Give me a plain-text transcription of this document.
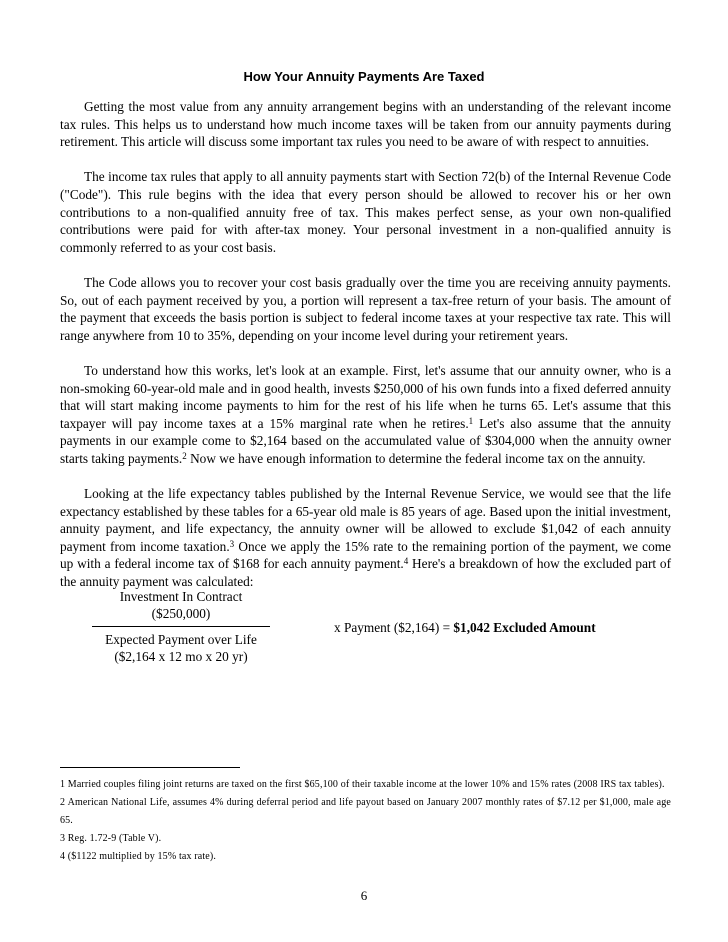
How Your Annuity Payments Are Taxed

Getting the most value from any annuity arrangement begins with an understanding of the relevant income tax rules. This helps us to understand how much income taxes will be taken from our annuity payments during retirement. This article will discuss some important tax rules you need to be aware of with respect to annuities.

The income tax rules that apply to all annuity payments start with Section 72(b) of the Internal Revenue Code ("Code"). This rule begins with the idea that every person should be allowed to recover his or her own contributions to a non-qualified annuity free of tax. This makes perfect sense, as your own non-qualified contributions were paid for with after-tax money. Your personal investment in a non-qualified annuity is commonly referred to as your cost basis.

The Code allows you to recover your cost basis gradually over the time you are receiving annuity payments. So, out of each payment received by you, a portion will represent a tax-free return of your basis. The amount of the payment that exceeds the basis portion is subject to federal income taxes at your respective tax rate. This will range anywhere from 10 to 35%, depending on your income level during your retirement years.

To understand how this works, let's look at an example. First, let's assume that our annuity owner, who is a non-smoking 60-year-old male and in good health, invests $250,000 of his own funds into a fixed deferred annuity that will start making income payments to him for the rest of his life when he turns 65. Let's assume that this taxpayer will pay income taxes at a 15% marginal rate when he retires.$^1$ Let's also assume that the annuity payments in our example come to $2,164 based on the accumulated value of $304,000 when the annuity owner starts taking payments.$^2$ Now we have enough information to determine the federal income tax on the annuity.

Looking at the life expectancy tables published by the Internal Revenue Service, we would see that the life expectancy established by these tables for a 65-year old male is 85 years of age. Based upon the initial investment, annuity payment, and life expectancy, the annuity owner will be allowed to exclude $1,042 of each annuity payment from income taxation.$^3$ Once we apply the 15% rate to the remaining portion of the payment, we come up with a federal income tax of $168 for each annuity payment.$^4$ Here's a breakdown of how the excluded part of the annuity payment was calculated:

Investment In Contract
($250,000)
Expected Payment over Life
($2,164 x 12 mo x 20 yr)
x Payment ($2,164) = $1,042 Excluded Amount
1 Married couples filing joint returns are taxed on the first $65,100 of their taxable income at the lower 10% and 15% rates (2008 IRS tax tables).
2 American National Life, assumes 4% during deferral period and life payout based on January 2007 monthly rates of $7.12 per $1,000, male age 65.
3 Reg. 1.72-9 (Table V).
4 ($1122 multiplied by 15% tax rate).
6
